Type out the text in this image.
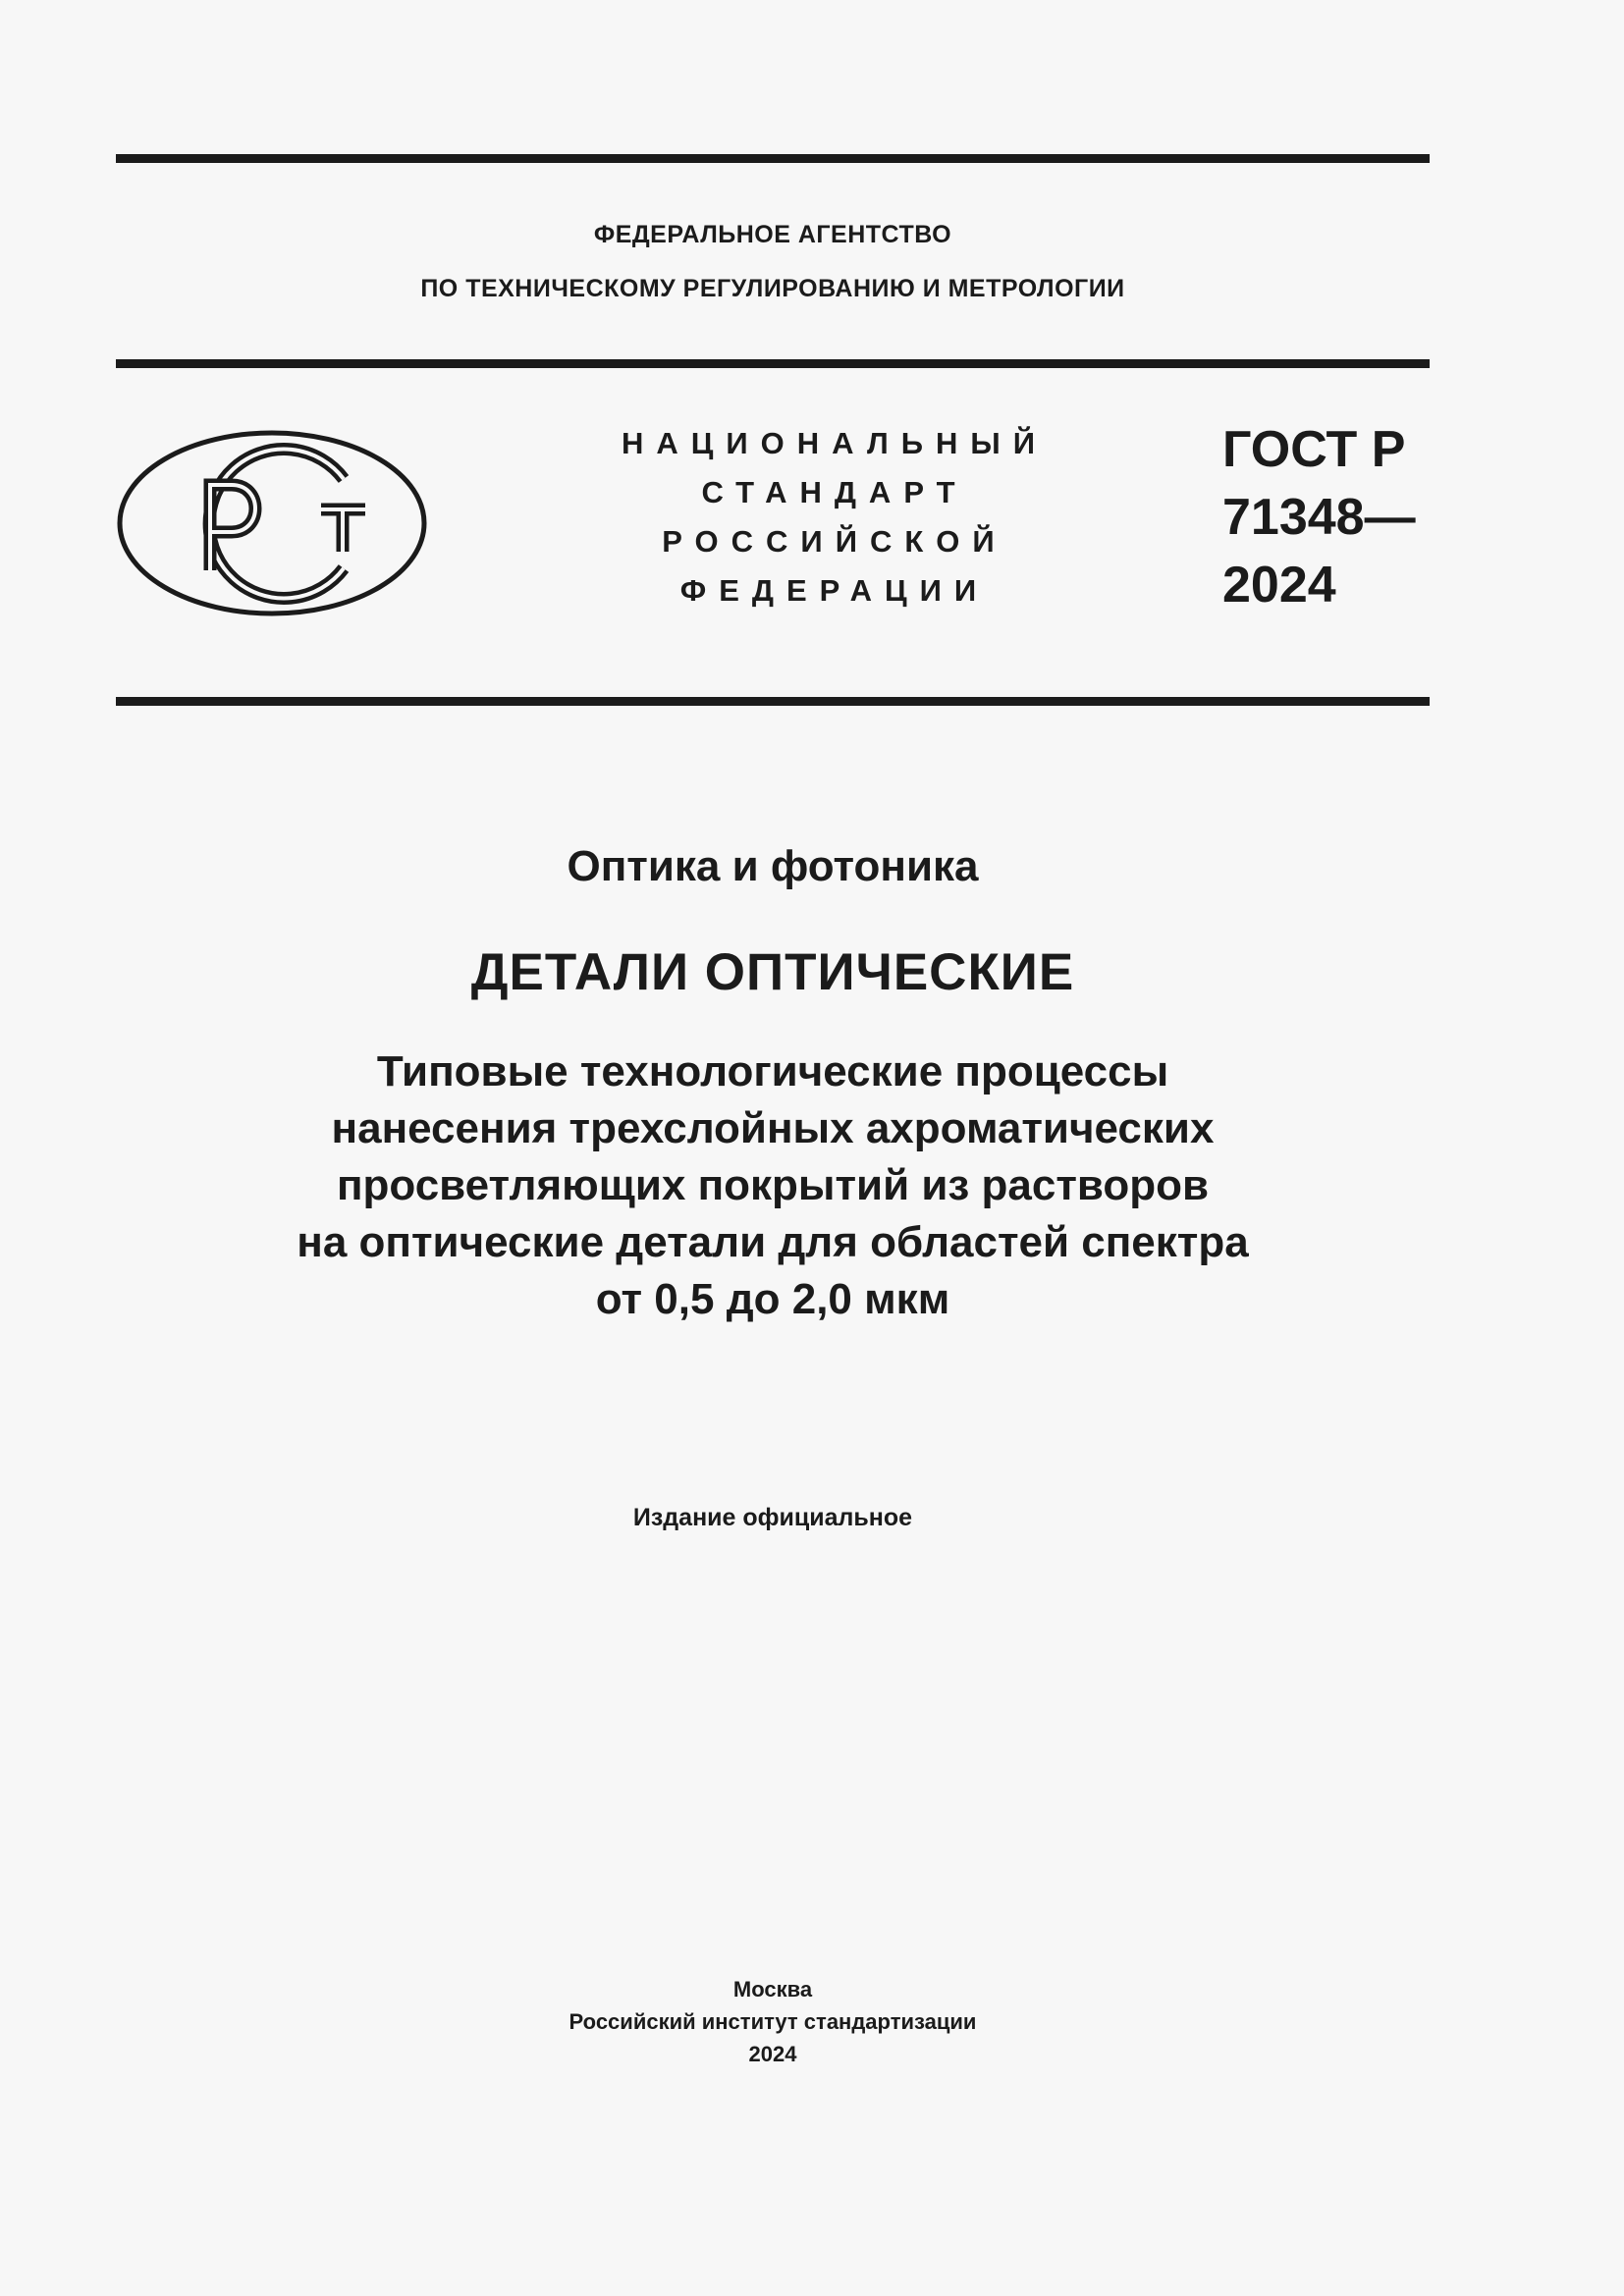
ФЕДЕРАЛЬНОЕ АГЕНТСТВО
ПО ТЕХНИЧЕСКОМУ РЕГУЛИРОВАНИЮ И МЕТРОЛОГИИ
НАЦИОНАЛЬНЫЙ
СТАНДАРТ
РОССИЙСКОЙ
ФЕДЕРАЦИИ
ГОСТ Р
71348—
2024
Оптика и фотоника
ДЕТАЛИ ОПТИЧЕСКИЕ
Типовые технологические процессы
нанесения трехслойных ахроматических
просветляющих покрытий из растворов
на оптические детали для областей спектра
от 0,5 до 2,0 мкм
Издание официальное
Москва
Российский институт стандартизации
2024
